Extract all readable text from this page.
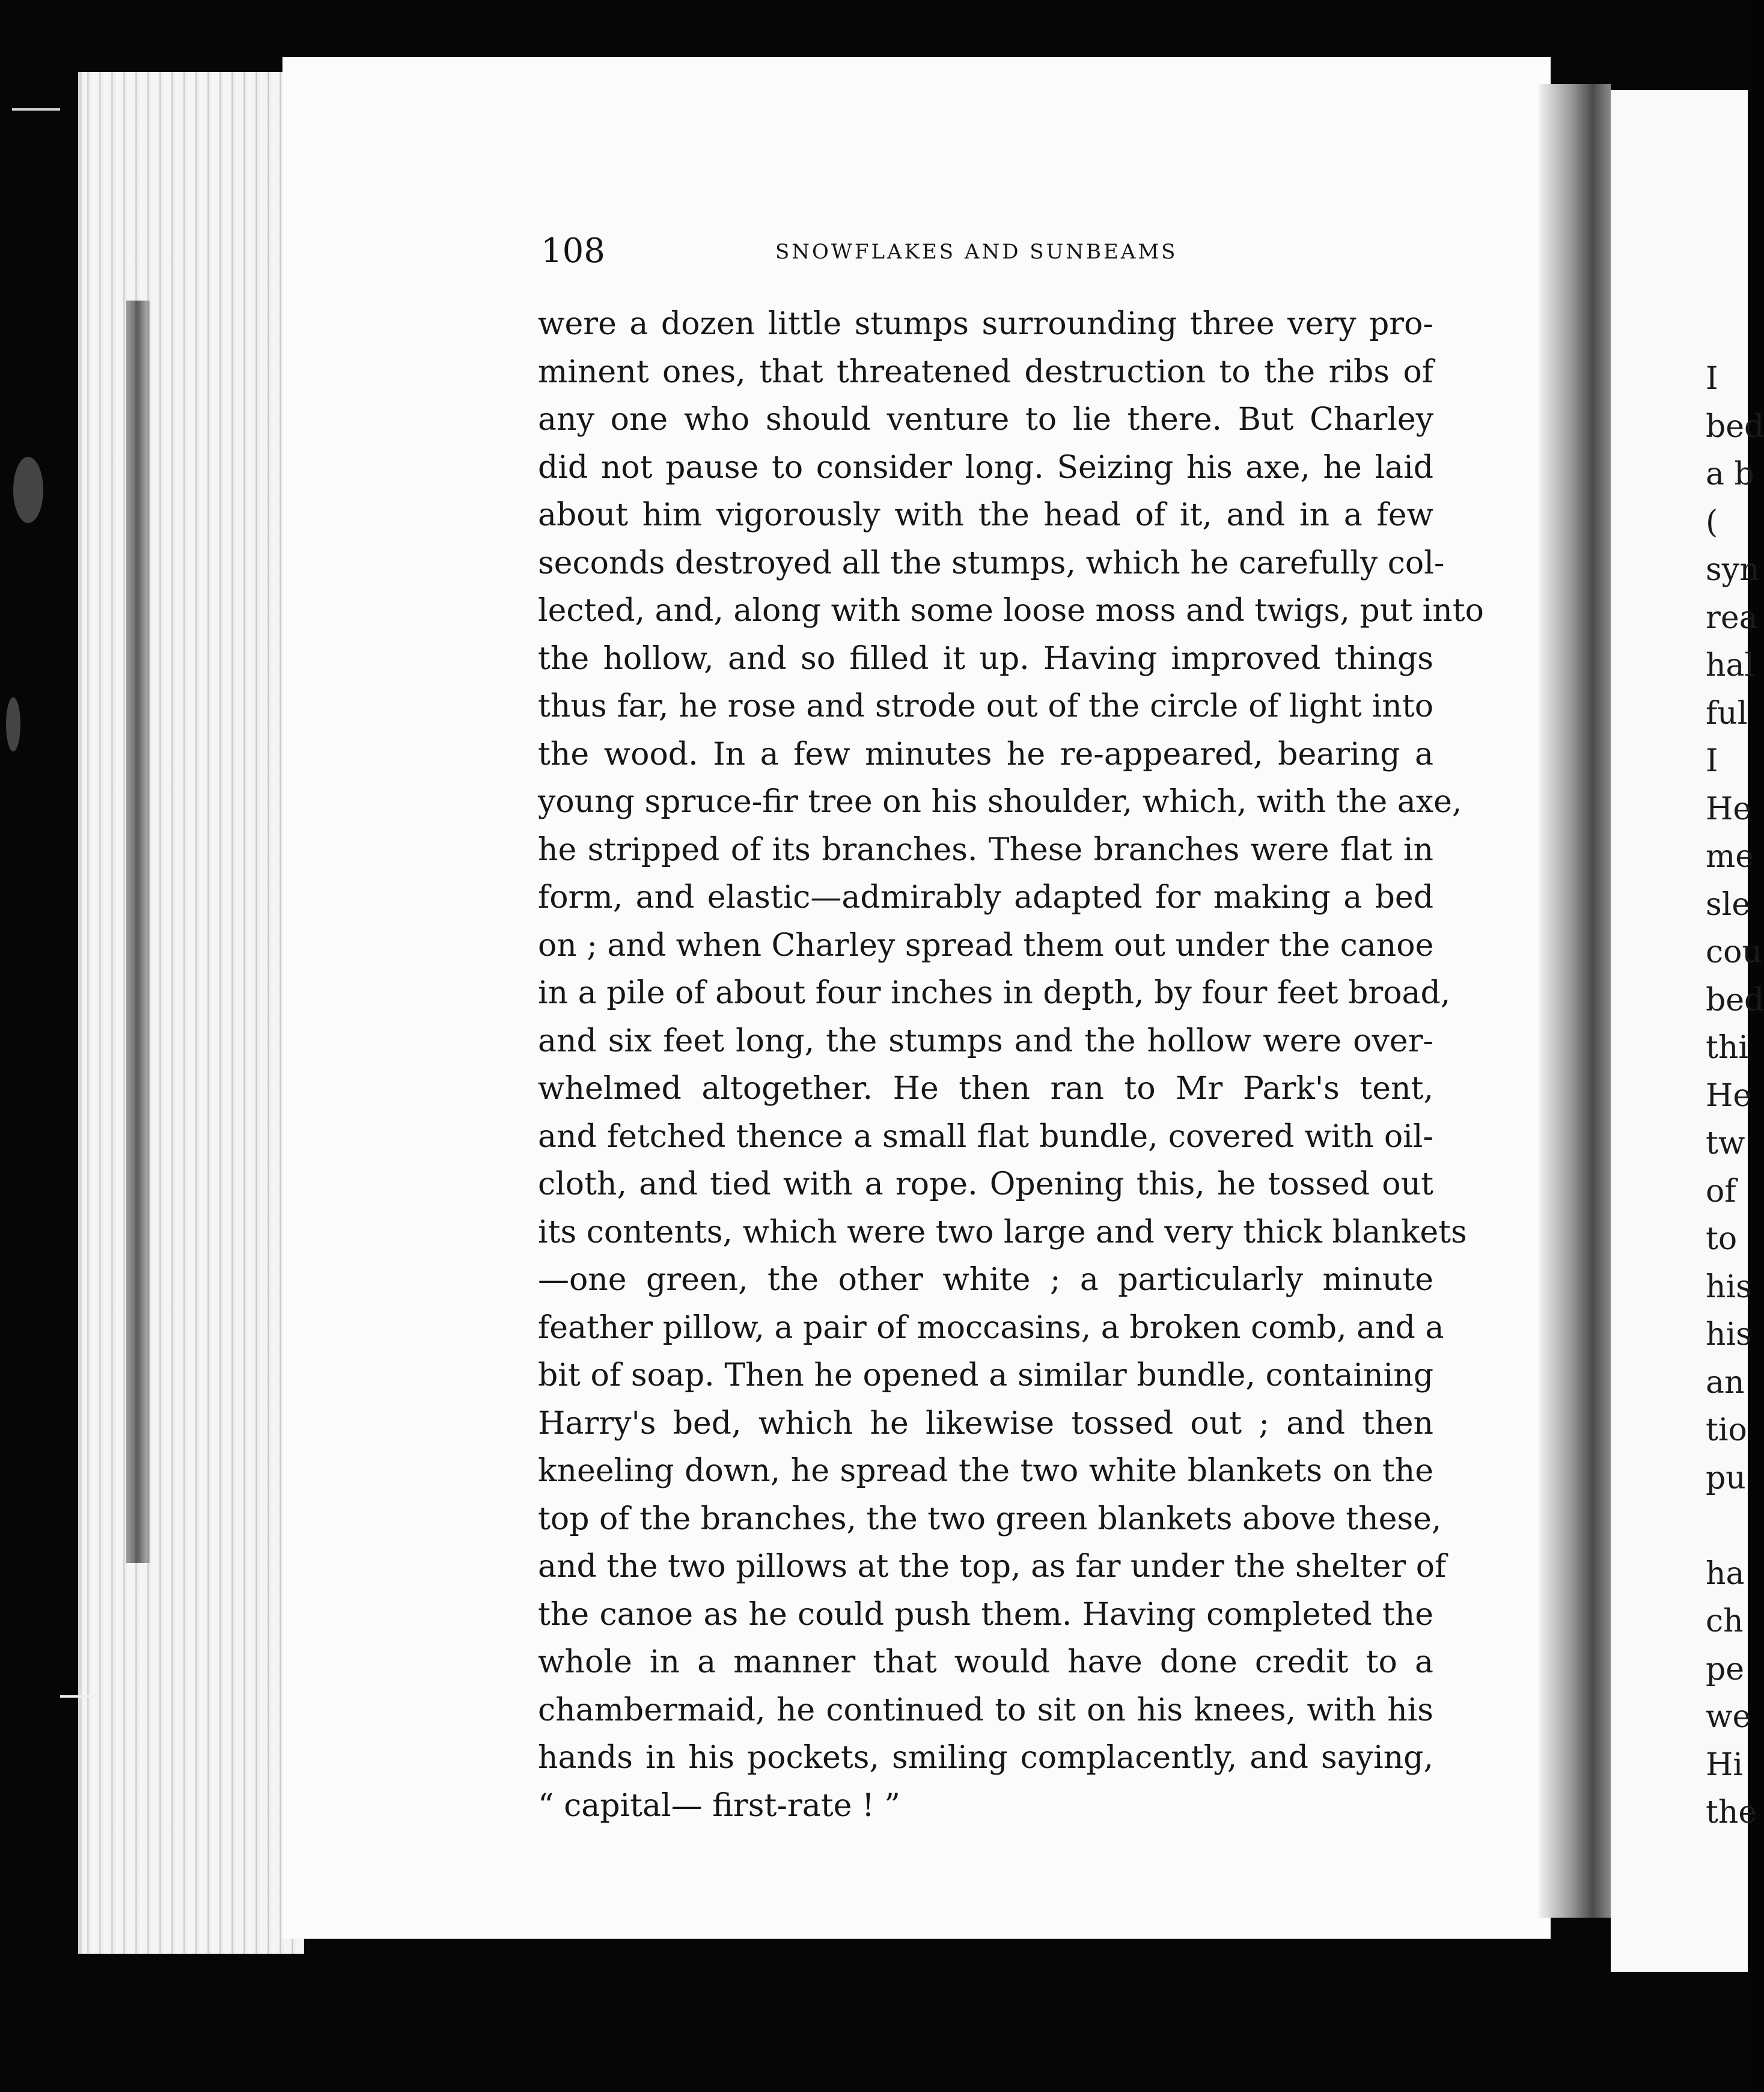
108	SNOWFLAKES AND SUNBEAMS
were a dozen little stumps surrounding three very pro-
minent ones, that threatened destruction to the ribs of
any one who should venture to lie there. But Charley
did not pause to consider long. Seizing his axe, he laid
about him vigorously with the head of it, and in a few
seconds destroyed all the stumps, which he carefully col-
lected, and, along with some loose moss and twigs, put into
the hollow, and so filled it up. Having improved things
thus far, he rose and strode out of the circle of light into
the wood. In a few minutes he re-appeared, bearing a
young spruce-fir tree on his shoulder, which, with the axe,
he stripped of its branches. These branches were flat in
form, and elastic—admirably adapted for making a bed
on ; and when Charley spread them out under the canoe
in a pile of about four inches in depth, by four feet broad,
and six feet long, the stumps and the hollow were over-
whelmed altogether. He then ran to Mr Park's tent,
and fetched thence a small flat bundle, covered with oil-
cloth, and tied with a rope. Opening this, he tossed out
its contents, which were two large and very thick blankets
—one green, the other white ; a particularly minute
feather pillow, a pair of moccasins, a broken comb, and a
bit of soap. Then he opened a similar bundle, containing
Harry's bed, which he likewise tossed out ; and then
kneeling down, he spread the two white blankets on the
top of the branches, the two green blankets above these,
and the two pillows at the top, as far under the shelter of
the canoe as he could push them. Having completed the
whole in a manner that would have done credit to a
chambermaid, he continued to sit on his knees, with his
hands in his pockets, smiling complacently, and saying,
“ capital— first-rate ! ”
I
bed
a b
(
syn
rea
hal
ful
I
He
me
sle
cou
bed
thi
He
tw
of
to
his
his
an
tio
pu
ha
ch
pe
we
Hi
the
